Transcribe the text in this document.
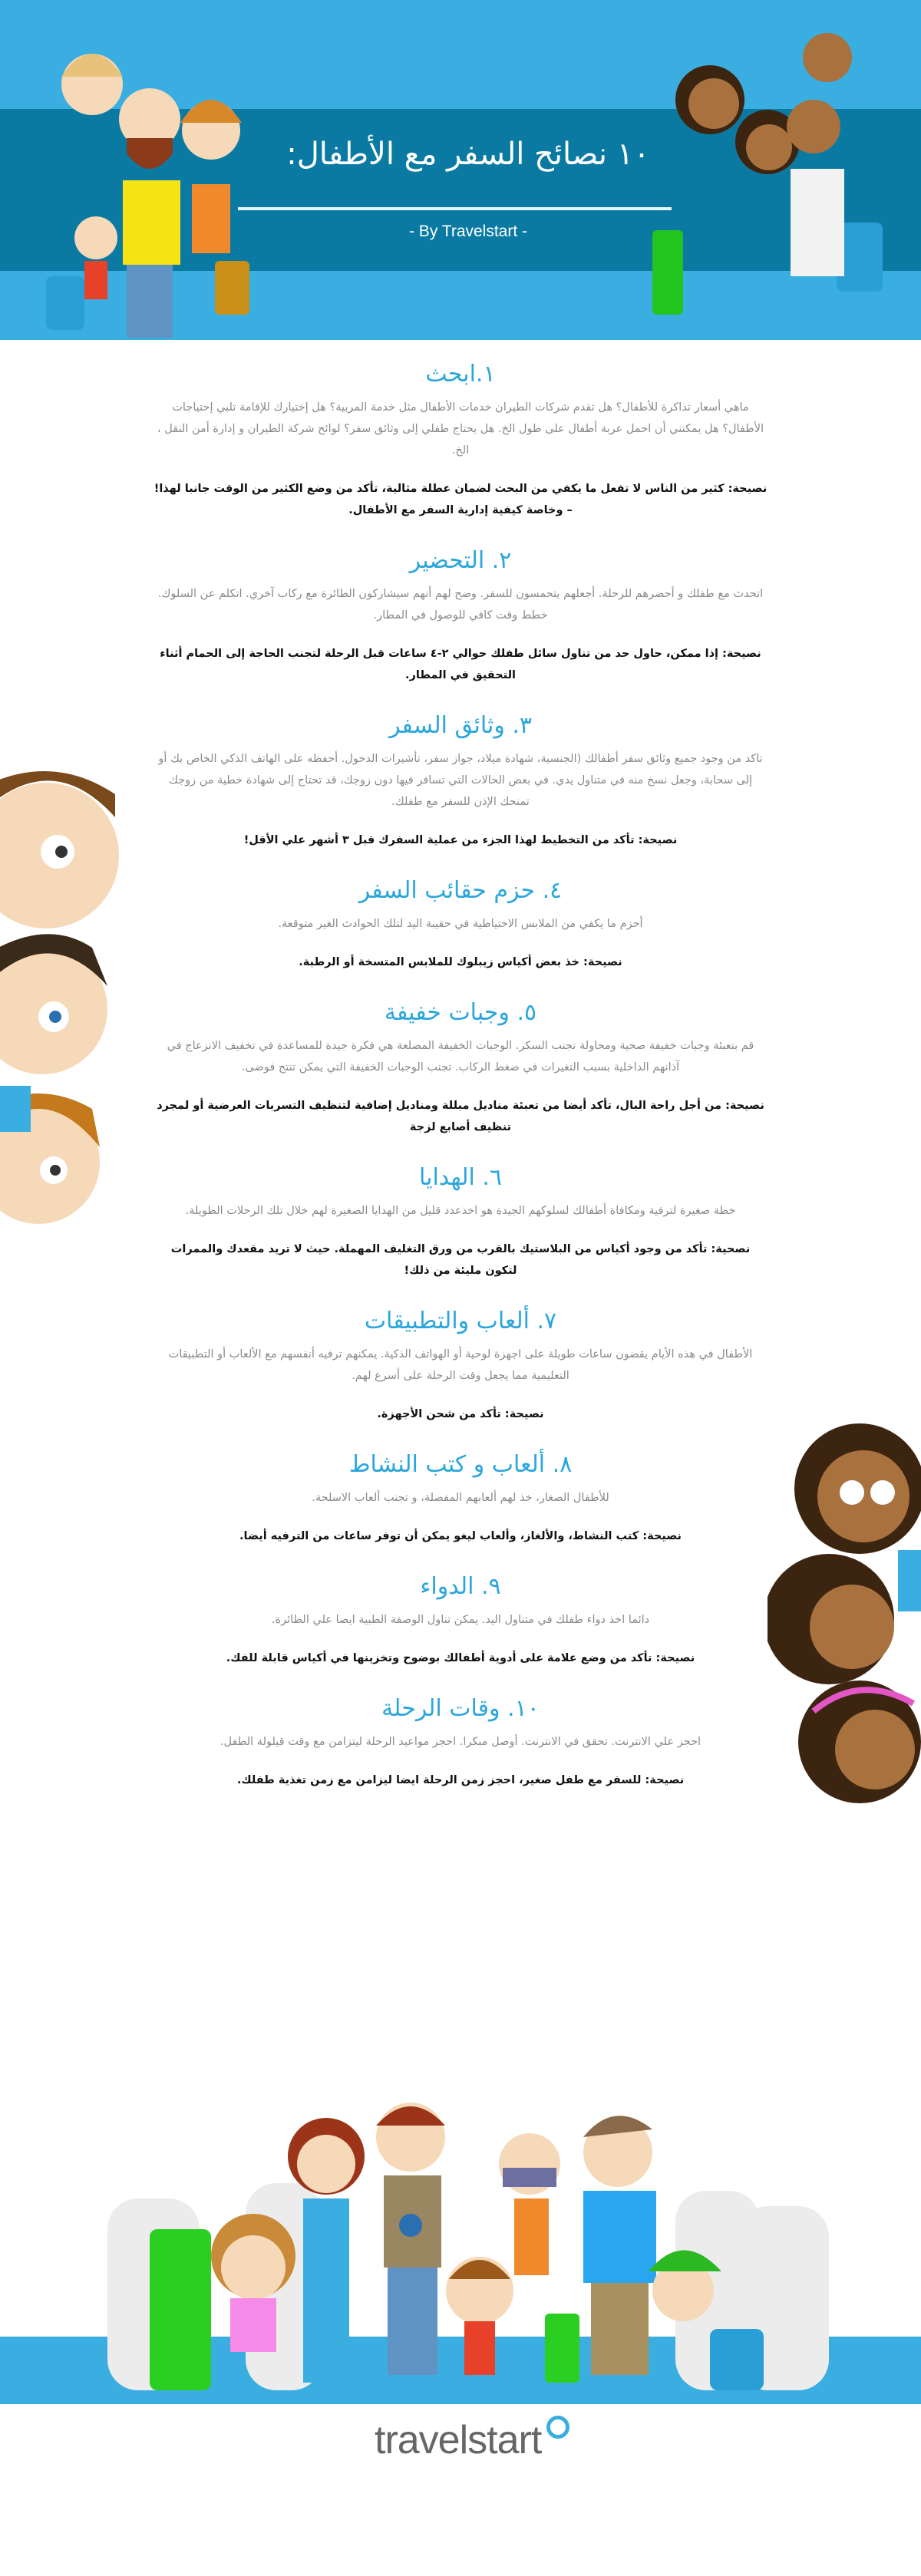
١٠ نصائح السفر مع الأطفال:
- By Travelstart -
١.ابحث

ماهي أسعار تذاكرة للأطفال؟ هل تقدم شركات الطيران خدمات الأطفال مثل خدمة المربية؟ هل إختيارك للإقامة تلبي إحتياجات الأطفال؟ هل يمكنني أن احمل عربة أطفال على طول الخ. هل يحتاج طفلي إلى وثائق سفر؟ لوائح شركة الطيران و إدارة أمن النقل ، الخ.

نصيحة: كثير من الناس لا تفعل ما يكفي من البحث لضمان عطلة مثالية، تأكد من وضع الكثير من الوقت جانبا لهذا! – وخاصة كيفية إدارية السفر مع الأطفال.

٢. التحضير

اتحدث مع طفلك و أحضرهم للرحلة. أجعلهم يتحمسون للسفر. وضح لهم أنهم سيشاركون الطائرة مع ركاب آخري. اتكلم عن السلوك. خطط وقت كافي للوصول في المطار.

نصيحة: إذا ممكن، حاول حد من تناول سائل طفلك حوالي ٢-٤ ساعات قبل الرحلة لتجنب الحاجة إلى الحمام أثناء التحقيق في المطار.

٣. وثائق السفر

تاكد من وجود جميع وثائق سفر أطفالك (الجنسية، شهادة ميلاد، جواز سفر، تأشيرات الدخول. أحفظه على الهاتف الذكي الخاص بك أو إلى سحابة، وجعل نسخ منه في متناول يدي. في بعض الحالات التي تسافر فيها دون زوجك، قد تحتاج إلى شهادة خطية من زوجك تمنحك الإذن للسفر مع طفلك.

نصيحة: تأكد من التخطيط لهذا الجزء من عملية السفرك قبل ٣ أشهر علي الأقل!

٤. حزم حقائب السفر

أحزم ما يكفي من الملابس الاحتياطية في حقيبة اليد لتلك الحوادث الغير متوقعة.

نصيحة: خذ بعض أكياس زيبلوك للملابس المتسخة أو الرطبة.

٥. وجبات خفيفة

قم بتعبئة وجبات خفيفة صحية ومحاولة تجنب السكر. الوجبات الخفيفة المضلعة هي فكرة جيدة للمساعدة في تخفيف الانزعاج في آذانهم الداخلية بسبب التغيرات في ضغط الركاب. تجنب الوجبات الخفيفة التي يمكن تنتج فوضى.

نصيحة: من أجل راحة البال، تأكد أيضا من تعبئة مناديل مبللة ومناديل إضافية لتنظيف التسربات العرضية أو لمجرد تنظيف أصابع لزجة

٦. الهدايا

خطة صغيرة لترفية ومكافاة أطفالك لسلوكهم الجيدة هو اخذعدد قليل من الهدايا الصغيرة لهم خلال تلك الرحلات الطويلة.

نصحية: تأكد من وجود أكياس من البلاستيك بالقرب من ورق التغليف المهملة. حيث لا تريد مقعدك والممرات لتكون مليئة من ذلك!

٧. ألعاب والتطبيقات

الأطفال في هذه الأيام يقضون ساعات طويلة على اجهزة لوحية أو الهواتف الذكية. يمكنهم ترفيه أنفسهم مع الألعاب أو التطبيقات التعليمية مما يجعل وقت الرحلة على أسرع لهم.

نصيحة: تأكد من شحن الأجهزة.

٨. ألعاب و كتب النشاط

للأطفال الصغار، خذ لهم ألعابهم المفضلة، و تجنب ألعاب الاسلحة.

نصيحة: كتب النشاط، والألغاز، وألعاب ليغو يمكن أن توفر ساعات من الترفيه أيضا.

٩. الدواء

دائما اخذ دواء طفلك في متناول اليد. يمكن تناول الوصفة الطبية ايضا علي الطائرة.

نصيحة: تأكد من وضع علامة على أدوية أطفالك بوضوح وتخزينها في أكياس قابلة للفك.

١٠. وقات الرحلة

احجز علي الانترنت. تحقق في الانترنت. أوصل مبكرا. احجز مواعيد الرحلة ليتزامن مع وقت قيلولة الطفل.

نصيحة: للسفر مع طفل صغير، احجز زمن الرحلة ايضا ليزامن مع زمن تغذية طفلك.

travelstart
